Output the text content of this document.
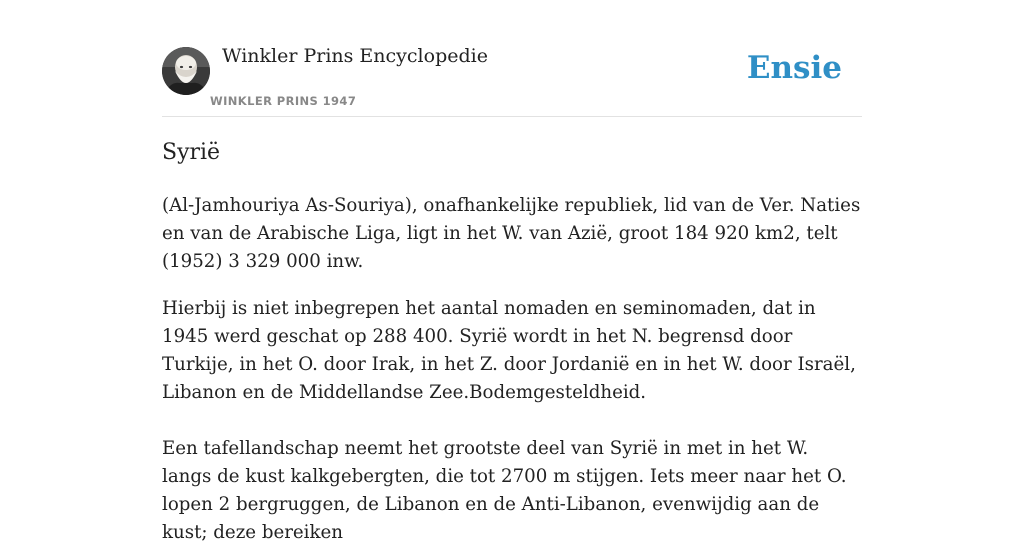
Winkler Prins Encyclopedie
WINKLER PRINS 1947
Ensie
Syrië

(Al-Jamhouriya As-Souriya), onafhankelijke republiek, lid van de Ver. Naties en van de Arabische Liga, ligt in het W. van Azië, groot 184 920 km2, telt (1952) 3 329 000 inw.

Hierbij is niet inbegrepen het aantal nomaden en seminomaden, dat in 1945 werd geschat op 288 400. Syrië wordt in het N. begrensd door Turkije, in het O. door Irak, in het Z. door Jordanië en in het W. door Israël, Libanon en de Middellandse Zee.Bodemgesteldheid.

Een tafellandschap neemt het grootste deel van Syrië in met in het W. langs de kust kalkgebergten, die tot 2700 m stijgen. Iets meer naar het O. lopen 2 bergruggen, de Libanon en de Anti-Libanon, evenwijdig aan de kust; deze bereiken
